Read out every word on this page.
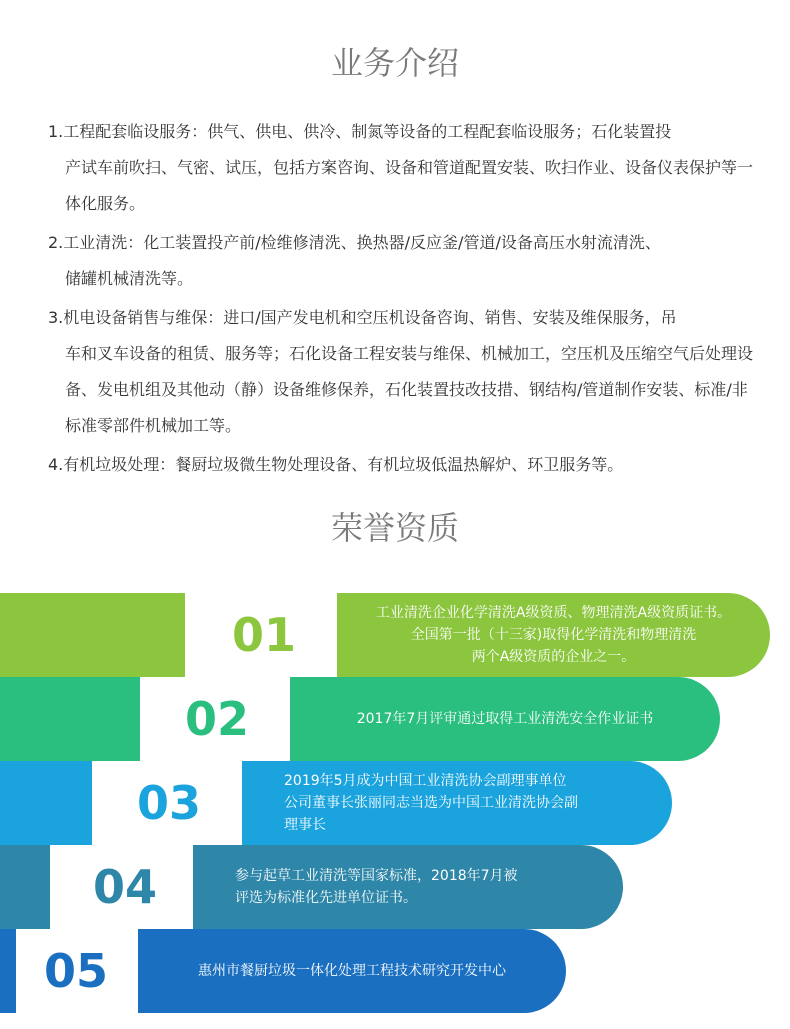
业务介绍

1.工程配套临设服务：供气、供电、供冷、制氮等设备的工程配套临设服务；石化装置投
产试车前吹扫、气密、试压，包括方案咨询、设备和管道配置安装、吹扫作业、设备仪表保护等一体化服务。

2.工业清洗：化工装置投产前/检维修清洗、换热器/反应釜/管道/设备高压水射流清洗、
储罐机械清洗等。

3.机电设备销售与维保：进口/国产发电机和空压机设备咨询、销售、安装及维保服务，吊
车和叉车设备的租赁、服务等；石化设备工程安装与维保、机械加工，空压机及压缩空气后处理设备、发电机组及其他动（静）设备维修保养，石化装置技改技措、钢结构/管道制作安装、标准/非标准零部件机械加工等。

4.有机垃圾处理：餐厨垃圾微生物处理设备、有机垃圾低温热解炉、环卫服务等。

荣誉资质
01	工业清洗企业化学清洗A级资质、物理清洗A级资质证书。
全国第一批（十三家)取得化学清洗和物理清洗
两个A级资质的企业之一。
02	2017年7月评审通过取得工业清洗安全作业证书
03	2019年5月成为中国工业清洗协会副理事单位
公司董事长张丽同志当选为中国工业清洗协会副
理事长
04	参与起草工业清洗等国家标准，2018年7月被
评选为标准化先进单位证书。
05	惠州市餐厨垃圾一体化处理工程技术研究开发中心
